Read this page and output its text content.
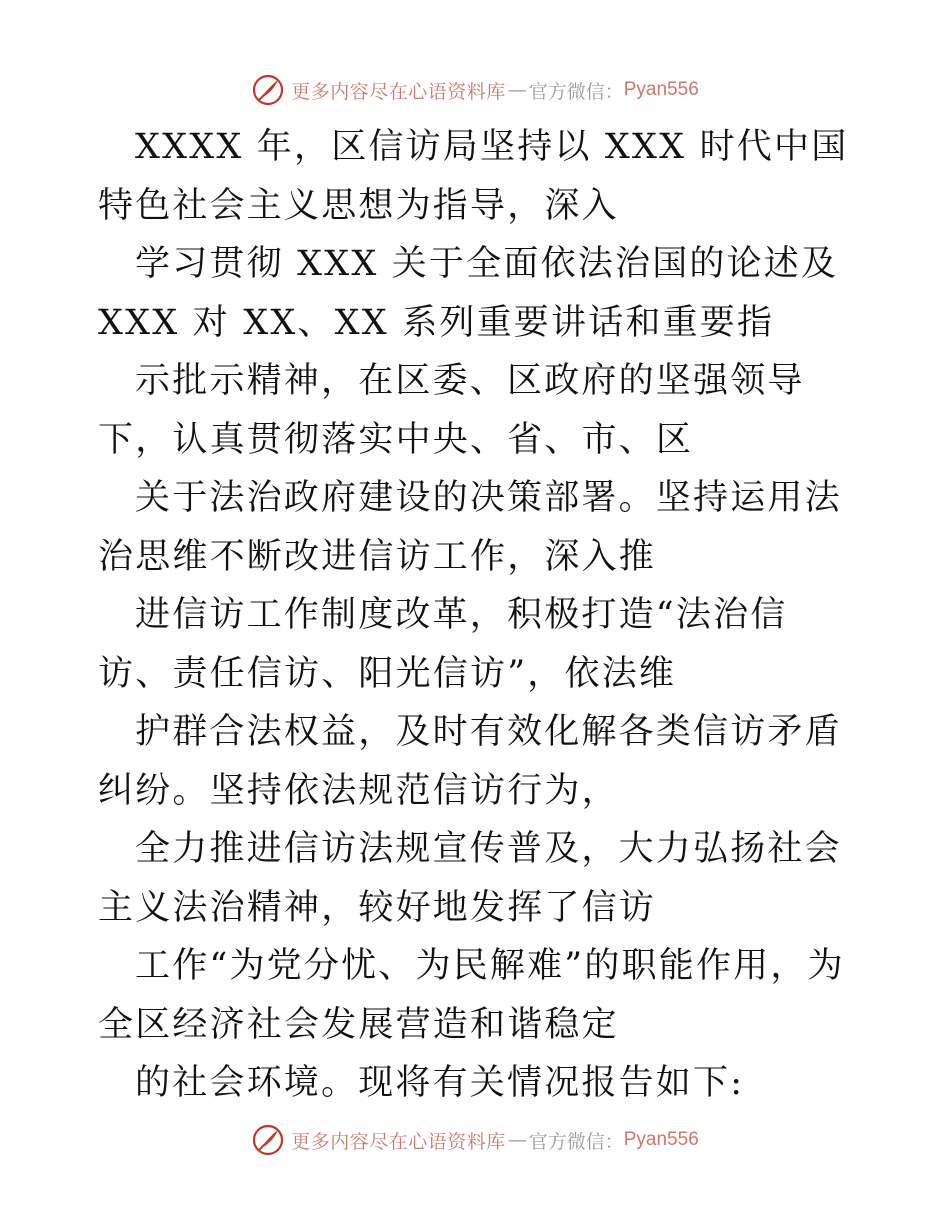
更多内容尽在心语资料库 — 官方微信： Pyan556

XXXX 年，区信访局坚持以 XXX 时代中国特色社会主义思想为指导，深入

学习贯彻 XXX 关于全面依法治国的论述及 XXX 对 XX、XX 系列重要讲话和重要指

示批示精神，在区委、区政府的坚强领导下，认真贯彻落实中央、省、市、区

关于法治政府建设的决策部署。坚持运用法治思维不断改进信访工作，深入推

进信访工作制度改革，积极打造“法治信访、责任信访、阳光信访”，依法维

护群合法权益，及时有效化解各类信访矛盾纠纷。坚持依法规范信访行为，

全力推进信访法规宣传普及，大力弘扬社会主义法治精神，较好地发挥了信访

工作“为党分忧、为民解难”的职能作用，为全区经济社会发展营造和谐稳定

的社会环境。现将有关情况报告如下:

更多内容尽在心语资料库 — 官方微信： Pyan556
